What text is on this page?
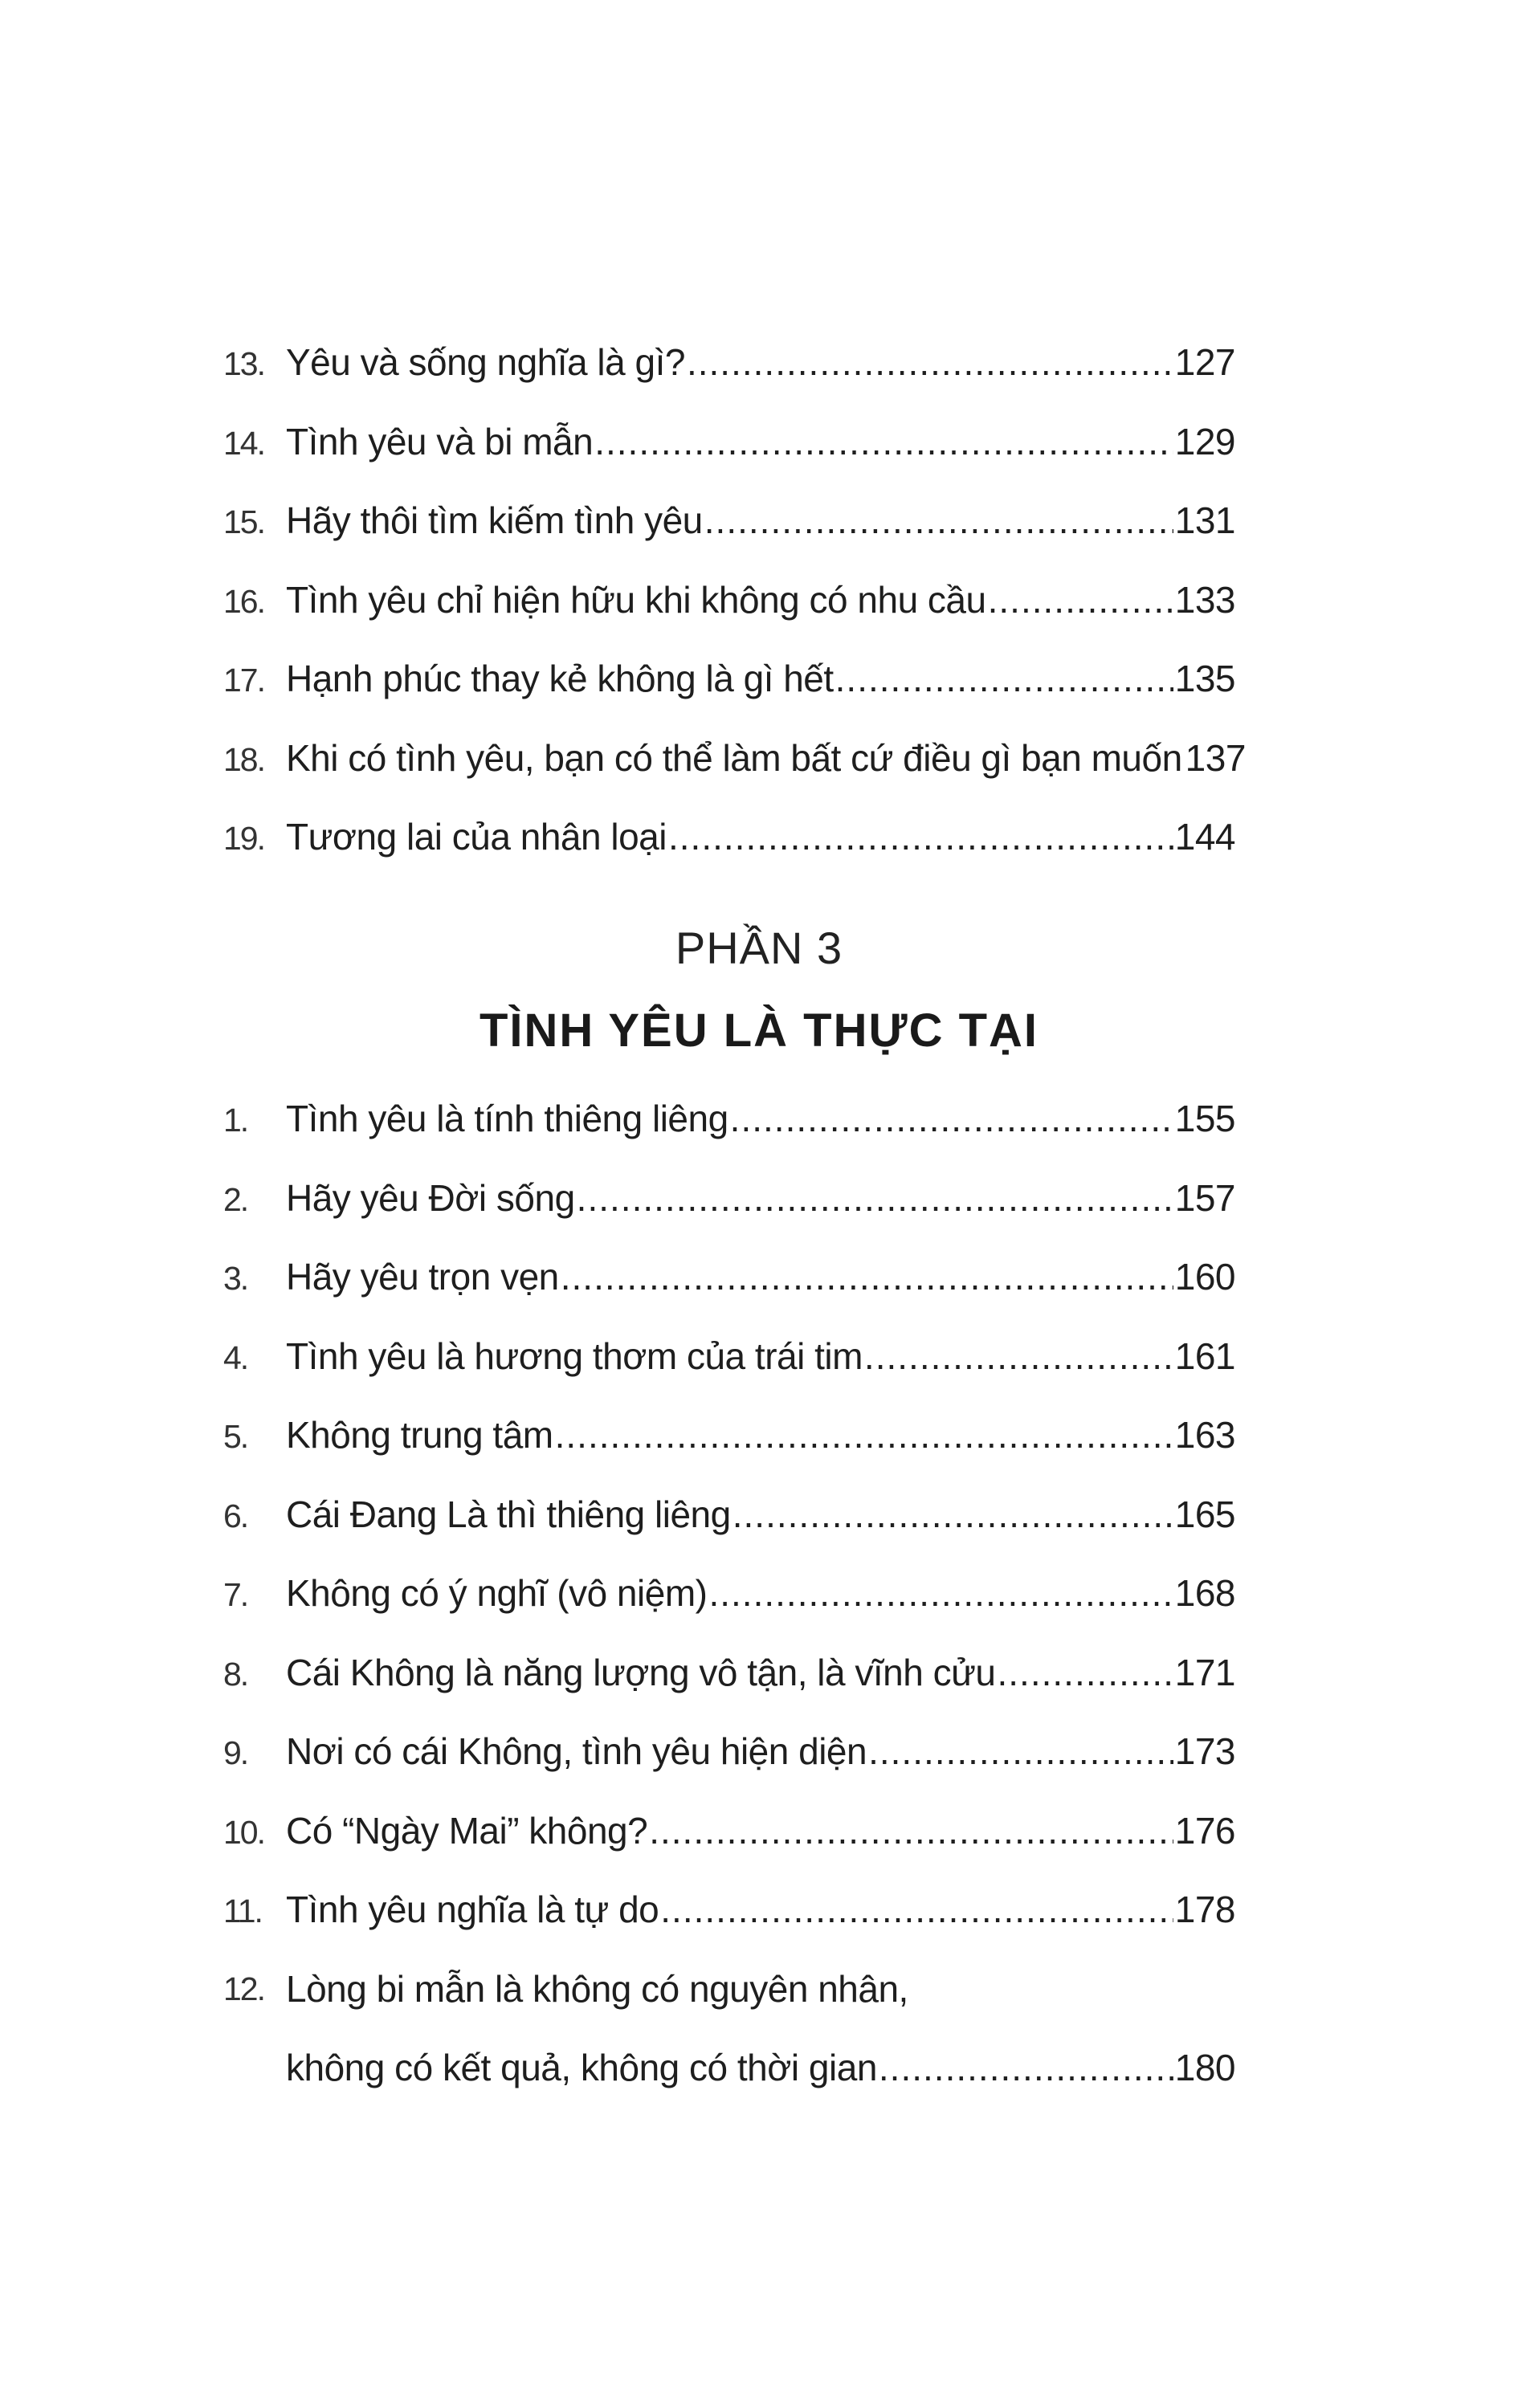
13. Yêu và sống nghĩa là gì? .....	127
14. Tình yêu và bi mẫn .....	129
15. Hãy thôi tìm kiếm tình yêu .....	131
16. Tình yêu chỉ hiện hữu khi không có nhu cầu .....	133
17. Hạnh phúc thay kẻ không là gì hết .....	135
18. Khi có tình yêu, bạn có thể làm bất cứ điều gì bạn muốn 137
19. Tương lai của nhân loại .....	144
PHẦN 3
TÌNH YÊU LÀ THỰC TẠI
1.	Tình yêu là tính thiêng liêng .....	155
2.	Hãy yêu Đời sống .....	157
3.	Hãy yêu trọn vẹn .....	160
4.	Tình yêu là hương thơm của trái tim .....	161
5.	Không trung tâm .....	163
6.	Cái Đang Là thì thiêng liêng .....	165
7.	Không có ý nghĩ (vô niệm) .....	168
8.	Cái Không là năng lượng vô tận, là vĩnh cửu .....	171
9.	Nơi có cái Không, tình yêu hiện diện .....	173
10. Có “Ngày Mai” không? .....	176
11. Tình yêu nghĩa là tự do .....	178
12. Lòng bi mẫn là không có nguyên nhân,
không có kết quả, không có thời gian .....	180
